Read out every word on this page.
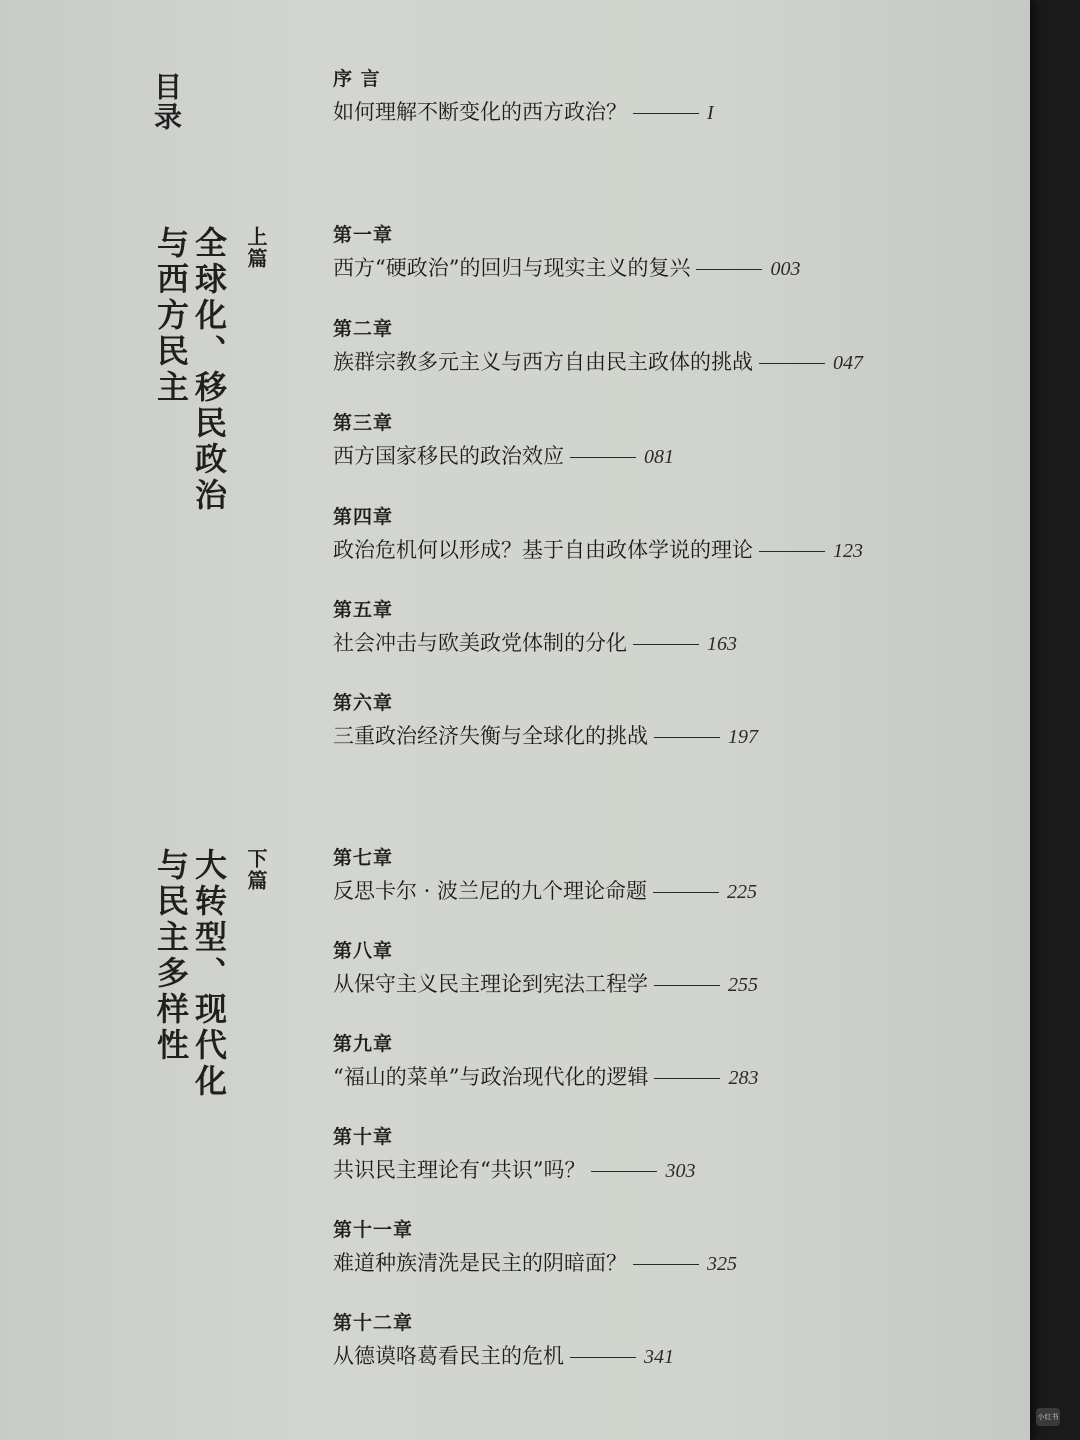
目录
上篇
全球化、移民政治
与西方民主
下篇
大转型、现代化
与民主多样性
序 言
如何理解不断变化的西方政治？	I
第一章
西方“硬政治”的回归与现实主义的复兴	003
第二章
族群宗教多元主义与西方自由民主政体的挑战	047
第三章
西方国家移民的政治效应	081
第四章
政治危机何以形成？基于自由政体学说的理论	123
第五章
社会冲击与欧美政党体制的分化	163
第六章
三重政治经济失衡与全球化的挑战	197
第七章
反思卡尔 · 波兰尼的九个理论命题	225
第八章
从保守主义民主理论到宪法工程学	255
第九章
“福山的菜单”与政治现代化的逻辑	283
第十章
共识民主理论有“共识”吗？	303
第十一章
难道种族清洗是民主的阴暗面？	325
第十二章
从德谟咯葛看民主的危机	341
小红书
